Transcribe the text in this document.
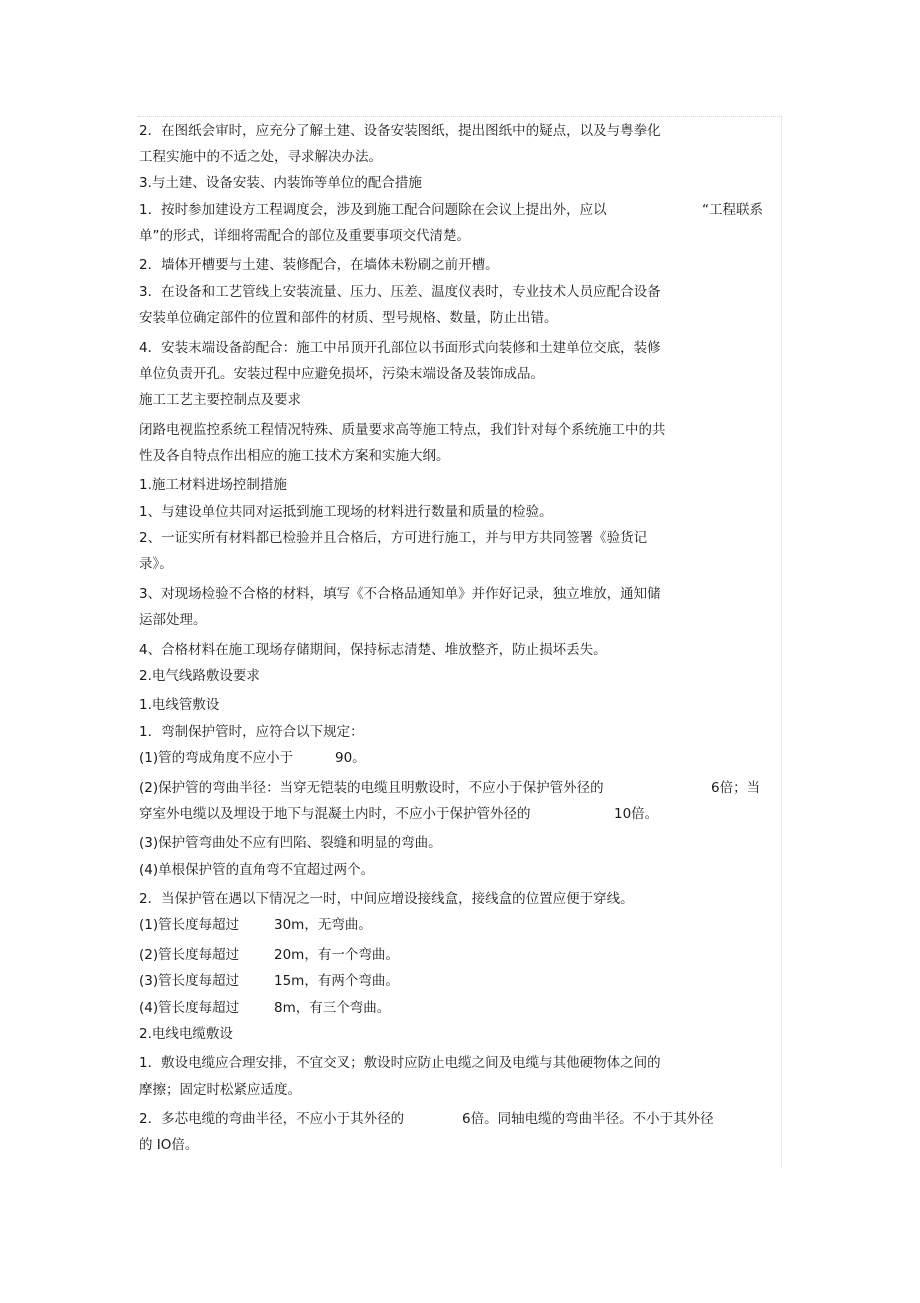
2．在图纸会审时，应充分了解土建、设备安装图纸，提出图纸中的疑点，以及与粤拳化
工程实施中的不适之处，寻求解决办法。
3.与土建、设备安装、内装饰等单位的配合措施
1．按时参加建设方工程调度会，涉及到施工配合问题除在会议上提出外，应以	“工程联系
单”的形式，详细将需配合的部位及重要事项交代清楚。
2．墙体开槽要与土建、装修配合，在墙体未粉刷之前开槽。
3．在设备和工艺管线上安装流量、压力、压差、温度仪表时，专业技术人员应配合设备
安装单位确定部件的位置和部件的材质、型号规格、数量，防止出错。
4．安装末端设备韵配合：施工中吊顶开孔部位以书面形式向装修和土建单位交底，装修
单位负责开孔。安装过程中应避免损坏，污染末端设备及装饰成品。
施工工艺主要控制点及要求
闭路电视监控系统工程情况特殊、质量要求高等施工特点，我们针对每个系统施工中的共
性及各自特点作出相应的施工技术方案和实施大纲。
1.施工材料进场控制措施
1、与建设单位共同对运抵到施工现场的材料进行数量和质量的检验。
2、一证实所有材料都已检验并且合格后，方可进行施工，并与甲方共同签署《验货记
录》。
3、对现场检验不合格的材料，填写《不合格品通知单》并作好记录，独立堆放，通知储
运部处理。
4、合格材料在施工现场存储期间，保持标志清楚、堆放整齐，防止损坏丢失。
2.电气线路敷设要求
1.电线管敷设
1．弯制保护管时，应符合以下规定：
(1)管的弯成角度不应小于	90。
(2)保护管的弯曲半径：当穿无铠装的电缆且明敷设时，不应小于保护管外径的	6倍；当
穿室外电缆以及埋设于地下与混凝土内时，不应小于保护管外径的	10倍。
(3)保护管弯曲处不应有凹陷、裂缝和明显的弯曲。
(4)单根保护管的直角弯不宜超过两个。
2．当保护管在遇以下情况之一时，中间应增设接线盒，接线盒的位置应便于穿线。
(1)管长度每超过	30m，无弯曲。
(2)管长度每超过	20m，有一个弯曲。
(3)管长度每超过	15m，有两个弯曲。
(4)管长度每超过	8m，有三个弯曲。
2.电线电缆敷设
1．敷设电缆应合理安排，不宜交叉；敷设时应防止电缆之间及电缆与其他硬物体之间的
摩擦；固定时松紧应适度。
2．多芯电缆的弯曲半径，不应小于其外径的	6倍。同轴电缆的弯曲半径。不小于其外径
的 IO倍。
